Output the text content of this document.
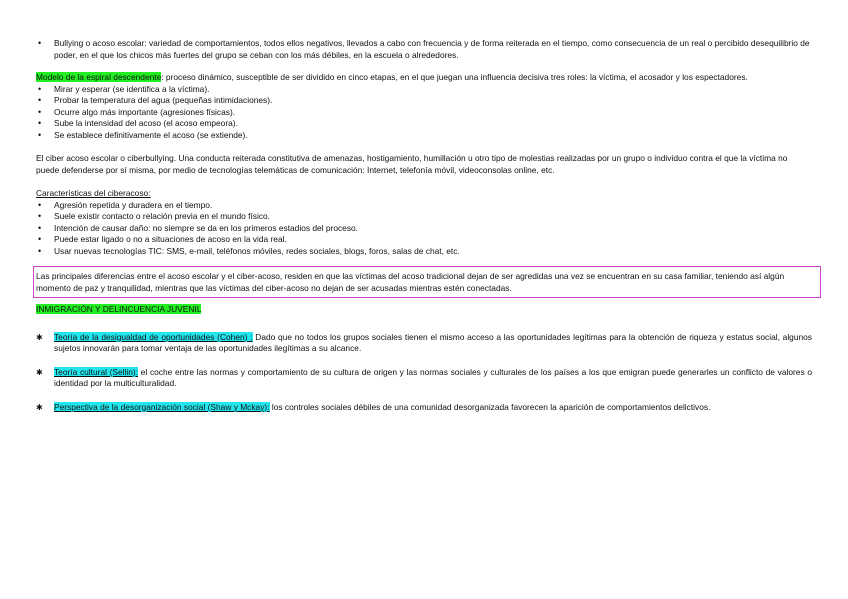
• Bullying o acoso escolar: variedad de comportamientos, todos ellos negativos, llevados a cabo con frecuencia y de forma reiterada en el tiempo, como consecuencia de un real o percibido desequilibrio de poder, en el que los chicos más fuertes del grupo se ceban con los más débiles, en la escuela o alrededores.

Modelo de la espiral descendente: proceso dinámico, susceptible de ser dividido en cinco etapas, en el que juegan una influencia decisiva tres roles: la víctima, el acosador y los espectadores.

• Mirar y esperar (se identifica a la víctima).

• Probar la temperatura del agua (pequeñas intimidaciones).

• Ocurre algo más importante (agresiones físicas).

• Sube la intensidad del acoso (el acoso empeora).

• Se establece definitivamente el acoso (se extiende).

El ciber acoso escolar o ciberbullying. Una conducta reiterada constitutiva de amenazas, hostigamiento, humillación u otro tipo de molestias realizadas por un grupo o individuo contra el que la víctima no puede defenderse por sí misma, por medio de tecnologías telemáticas de comunicación: Internet, telefonía móvil, videoconsolas online, etc.

Características del ciberacoso:

• Agresión repetida y duradera en el tiempo.

• Suele existir contacto o relación previa en el mundo físico.

• Intención de causar daño: no siempre se da en los primeros estadios del proceso.

• Puede estar ligado o no a situaciones de acoso en la vida real.

• Usar nuevas tecnologías TIC: SMS, e-mail, teléfonos móviles, redes sociales, blogs, foros, salas de chat, etc.

Las principales diferencias entre el acoso escolar y el ciber-acoso, residen en que las víctimas del acoso tradicional dejan de ser agredidas una vez se encuentran en su casa familiar, teniendo así algún momento de paz y tranquilidad, mientras que las víctimas del ciber-acoso no dejan de ser acusadas mientras estén conectadas.

INMIGRACIÓN Y DELINCUENCIA JUVENIL

✱ Teoría de la desigualdad de oportunidades (Cohen) : Dado que no todos los grupos sociales tienen el mismo acceso a las oportunidades legítimas para la obtención de riqueza y estatus social, algunos sujetos innovarán para tomar ventaja de las oportunidades ilegítimas a su alcance.

✱ Teoría cultural (Sellin): el coche entre las normas y comportamiento de su cultura de origen y las normas sociales y culturales de los países a los que emigran puede generarles un conflicto de valores o identidad por la multiculturalidad.

✱ Perspectiva de la desorganización social (Shaw y Mckay): los controles sociales débiles de una comunidad desorganizada favorecen la aparición de comportamientos delictivos.
